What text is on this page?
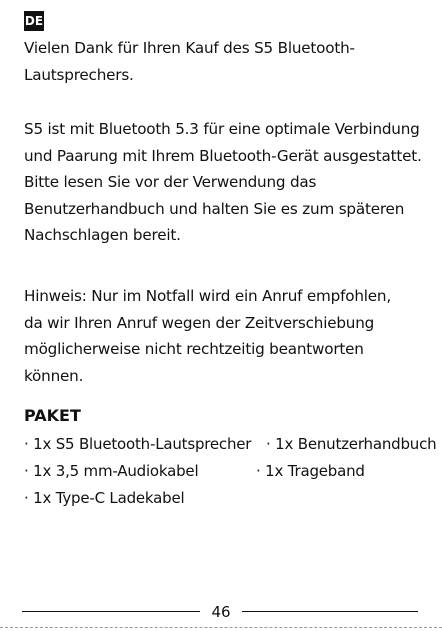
DE

Vielen Dank für Ihren Kauf des S5 Bluetooth-
Lautsprechers.

S5 ist mit Bluetooth 5.3 für eine optimale Verbindung
und Paarung mit Ihrem Bluetooth-Gerät ausgestattet.
Bitte lesen Sie vor der Verwendung das
Benutzerhandbuch und halten Sie es zum späteren
Nachschlagen bereit.

Hinweis: Nur im Notfall wird ein Anruf empfohlen,
da wir Ihren Anruf wegen der Zeitverschiebung
möglicherweise nicht rechtzeitig beantworten
können.

PAKET
· 1x S5 Bluetooth-Lautsprecher · 1x Benutzerhandbuch
· 1x 3,5 mm-Audiokabel	· 1x Trageband
· 1x Type-C Ladekabel
46
